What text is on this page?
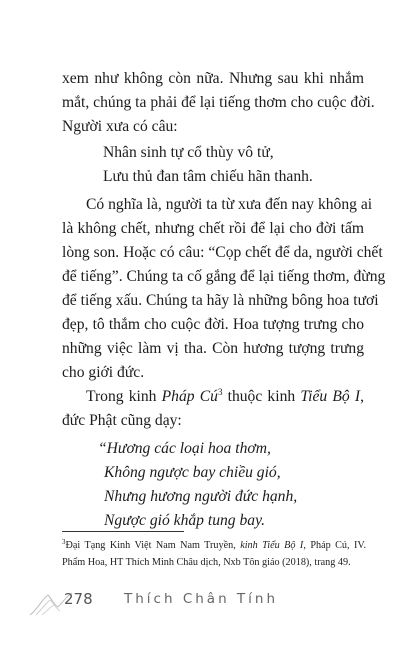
xem như không còn nữa. Nhưng sau khi nhắm
mắt, chúng ta phải để lại tiếng thơm cho cuộc đời.
Người xưa có câu:
Nhân sinh tự cổ thùy vô tử,
Lưu thủ đan tâm chiếu hãn thanh.
Có nghĩa là, người ta từ xưa đến nay không ai
là không chết, nhưng chết rồi để lại cho đời tấm
lòng son. Hoặc có câu: “Cọp chết để da, người chết
để tiếng”. Chúng ta cố gắng để lại tiếng thơm, đừng
để tiếng xấu. Chúng ta hãy là những bông hoa tươi
đẹp, tô thắm cho cuộc đời. Hoa tượng trưng cho
những việc làm vị tha. Còn hương tượng trưng
cho giới đức.
Trong kinh Pháp $Cú^3$ thuộc kinh Tiểu Bộ I,
đức Phật cũng dạy:
“Hương các loại hoa thơm,
Không ngược bay chiều gió,
Nhưng hương người đức hạnh,
Ngược gió khắp tung bay.
$^3$Đại Tạng Kinh Việt Nam Nam Truyền, kinh Tiểu Bộ I, Pháp Cú, IV.
Phẩm Hoa, HT Thích Minh Châu dịch, Nxb Tôn giáo (2018), trang 49.
278 Thích Chân Tính
